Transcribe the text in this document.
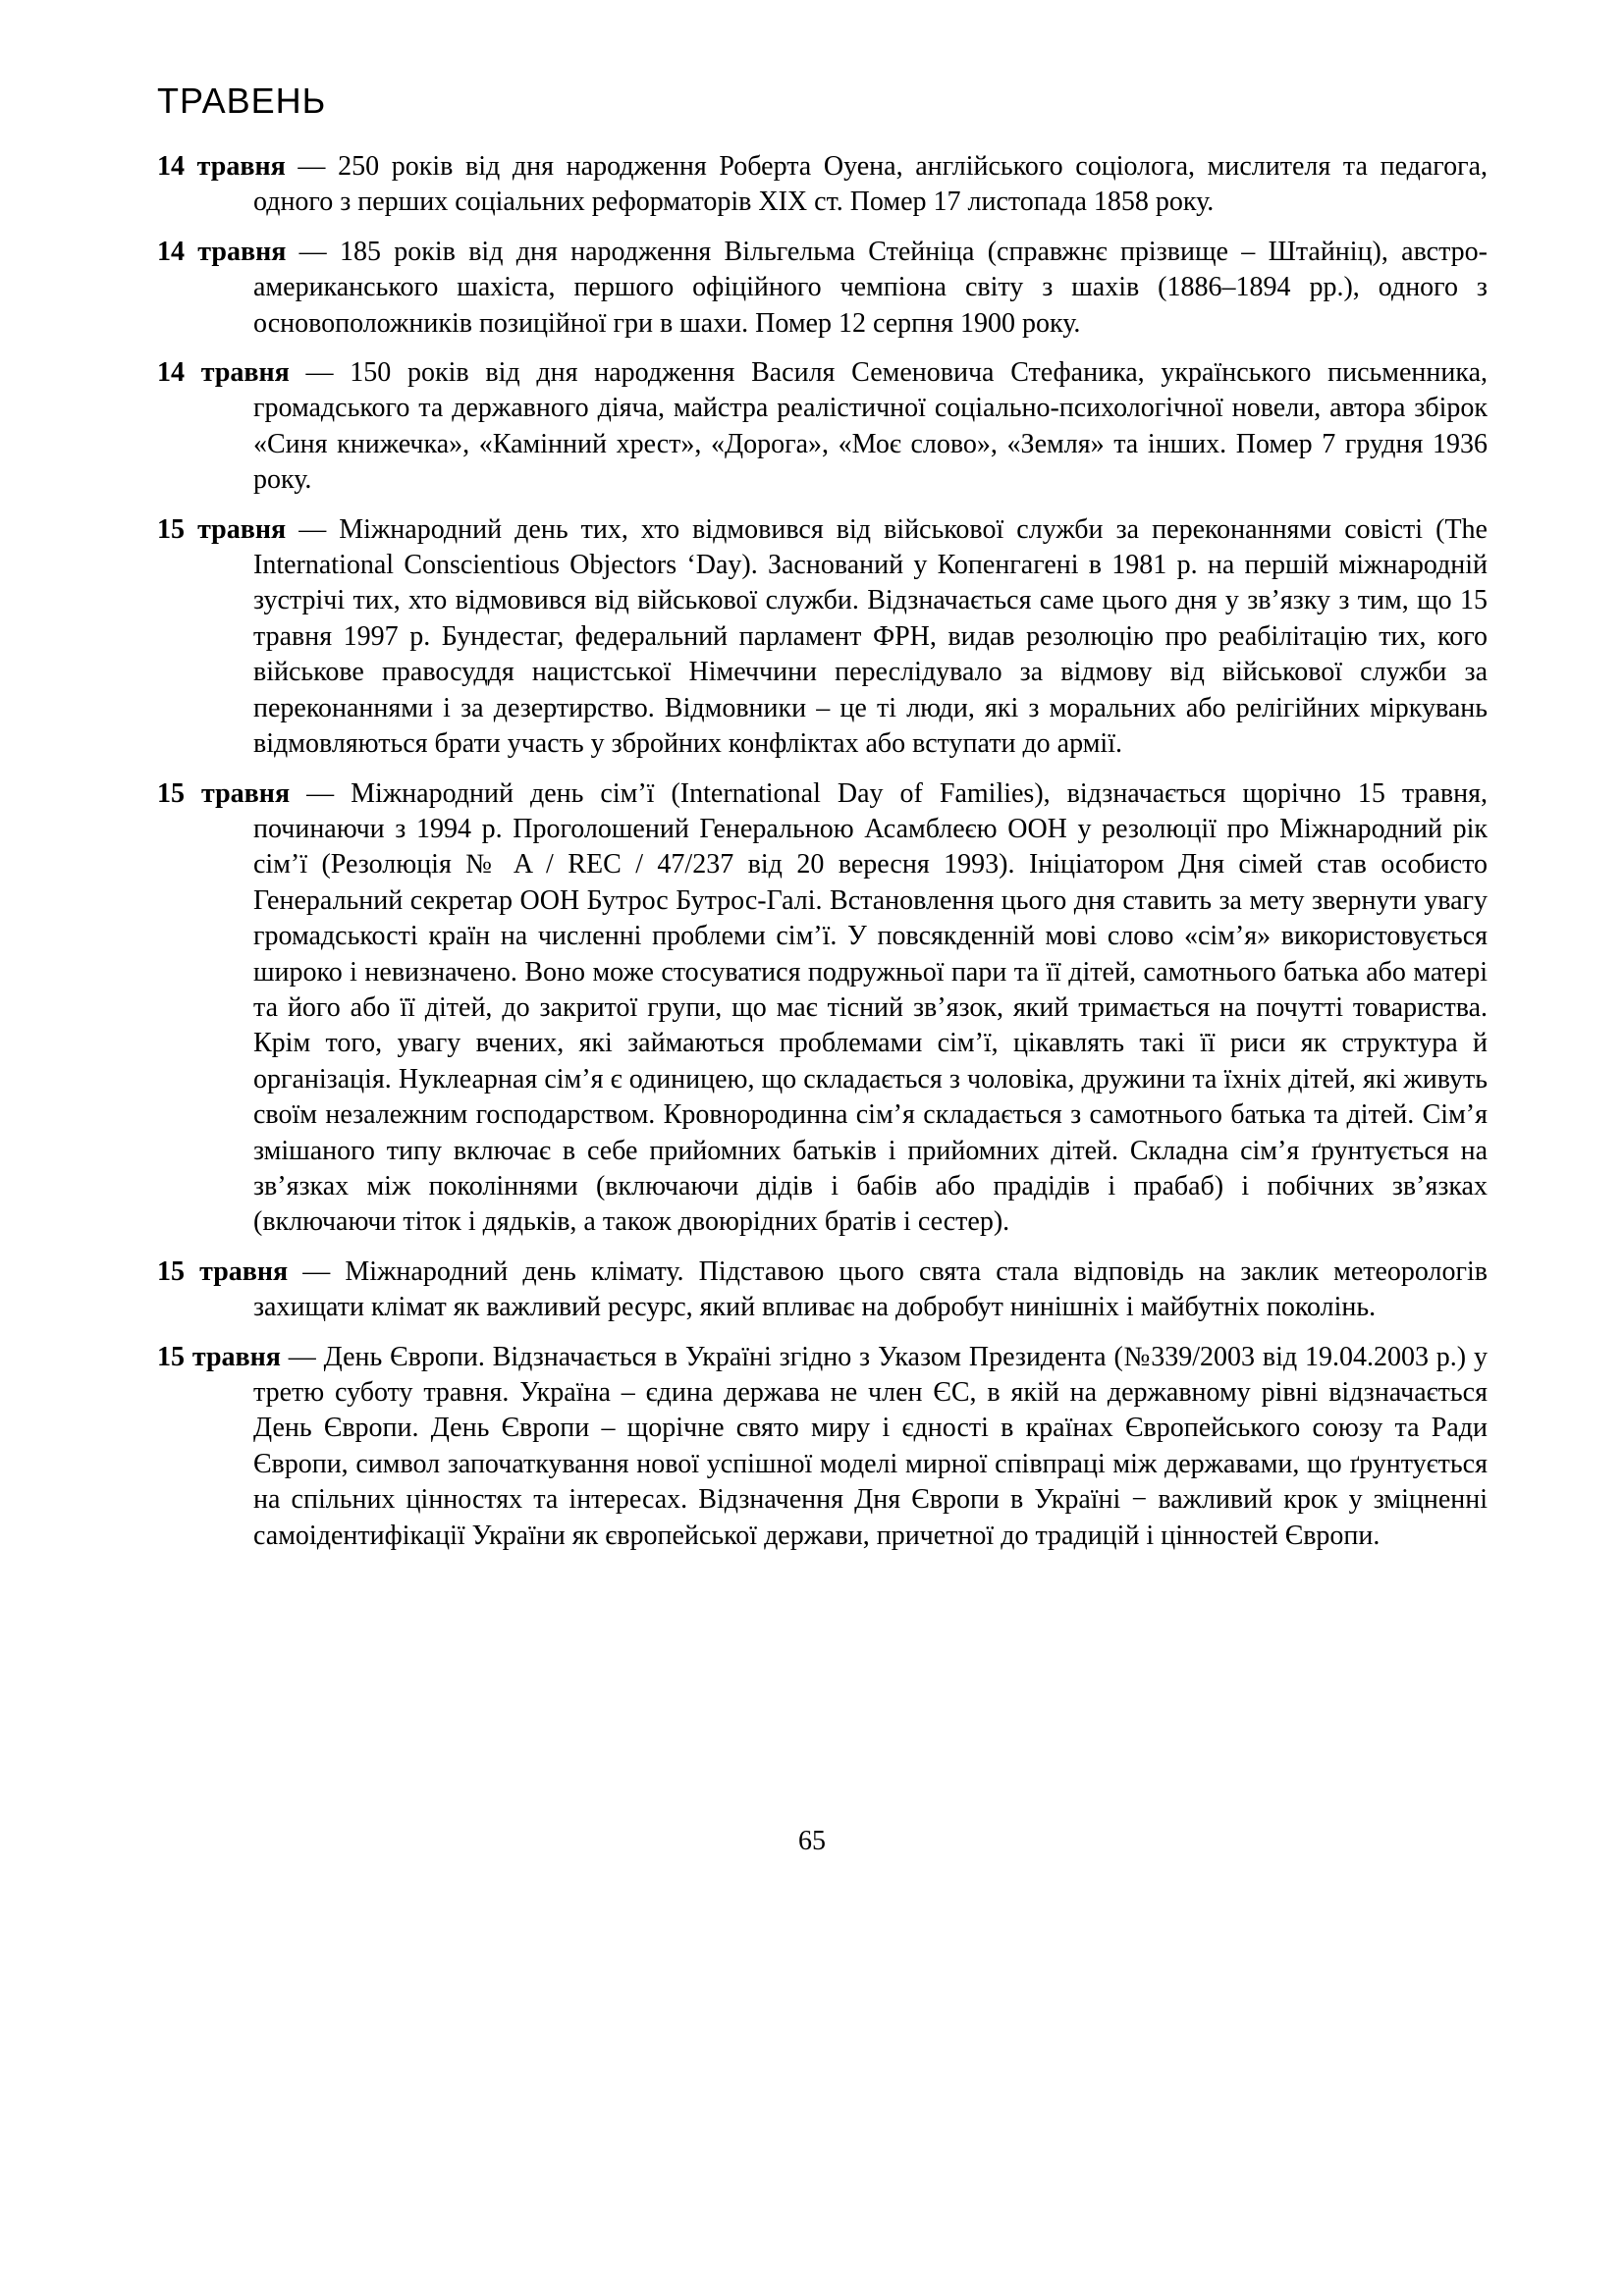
ТРАВЕНЬ

14 травня — 250 років від дня народження Роберта Оуена, англійського соціолога, мислителя та педагога, одного з перших соціальних реформаторів XIX ст. Помер 17 листопада 1858 року.

14 травня — 185 років від дня народження Вільгельма Стейніца (справжнє прізвище – Штайніц), австро-американського шахіста, першого офіційного чемпіона світу з шахів (1886–1894 рр.), одного з основоположників позиційної гри в шахи. Помер 12 серпня 1900 року.

14 травня — 150 років від дня народження Василя Семеновича Стефаника, українського письменника, громадського та державного діяча, майстра реалістичної соціально-психологічної новели, автора збірок «Синя книжечка», «Камінний хрест», «Дорога», «Моє слово», «Земля» та інших. Помер 7 грудня 1936 року.

15 травня — Міжнародний день тих, хто відмовився від військової служби за переконаннями совісті (The International Conscientious Objectors ‘Day). Заснований у Копенгагені в 1981 р. на першій міжнародній зустрічі тих, хто відмовився від військової служби. Відзначається саме цього дня у зв’язку з тим, що 15 травня 1997 р. Бундестаг, федеральний парламент ФРН, видав резолюцію про реабілітацію тих, кого військове правосуддя нацистської Німеччини переслідувало за відмову від військової служби за переконаннями і за дезертирство. Відмовники – це ті люди, які з моральних або релігійних міркувань відмовляються брати участь у збройних конфліктах або вступати до армії.

15 травня — Міжнародний день сім’ї (International Day of Families), відзначається щорічно 15 травня, починаючи з 1994 р. Проголошений Генеральною Асамблеєю ООН у резолюції про Міжнародний рік сім’ї (Резолюція № A / REC / 47/237 від 20 вересня 1993). Ініціатором Дня сімей став особисто Генеральний секретар ООН Бутрос Бутрос-Галі. Встановлення цього дня ставить за мету звернути увагу громадськості країн на численні проблеми сім’ї. У повсякденній мові слово «сім’я» використовується широко і невизначено. Воно може стосуватися подружньої пари та її дітей, самотнього батька або матері та його або її дітей, до закритої групи, що має тісний зв’язок, який тримається на почутті товариства. Крім того, увагу вчених, які займаються проблемами сім’ї, цікавлять такі її риси як структура й організація. Нуклеарная сім’я є одиницею, що складається з чоловіка, дружини та їхніх дітей, які живуть своїм незалежним господарством. Кровнородинна сім’я складається з самотнього батька та дітей. Сім’я змішаного типу включає в себе прийомних батьків і прийомних дітей. Складна сім’я ґрунтується на зв’язках між поколіннями (включаючи дідів і бабів або прадідів і прабаб) і побічних зв’язках (включаючи тіток і дядьків, а також двоюрідних братів і сестер).

15 травня — Міжнародний день клімату. Підставою цього свята стала відповідь на заклик метеорологів захищати клімат як важливий ресурс, який впливає на добробут нинішніх і майбутніх поколінь.

15 травня — День Європи. Відзначається в Україні згідно з Указом Президента (№339/2003 від 19.04.2003 р.) у третю суботу травня. Україна – єдина держава не член ЄС, в якій на державному рівні відзначається День Європи. День Європи – щорічне свято миру і єдності в країнах Європейського союзу та Ради Європи, символ започаткування нової успішної моделі мирної співпраці між державами, що ґрунтується на спільних цінностях та інтересах. Відзначення Дня Європи в Україні − важливий крок у зміцненні самоідентифікації України як європейської держави, причетної до традицій і цінностей Європи.

65
